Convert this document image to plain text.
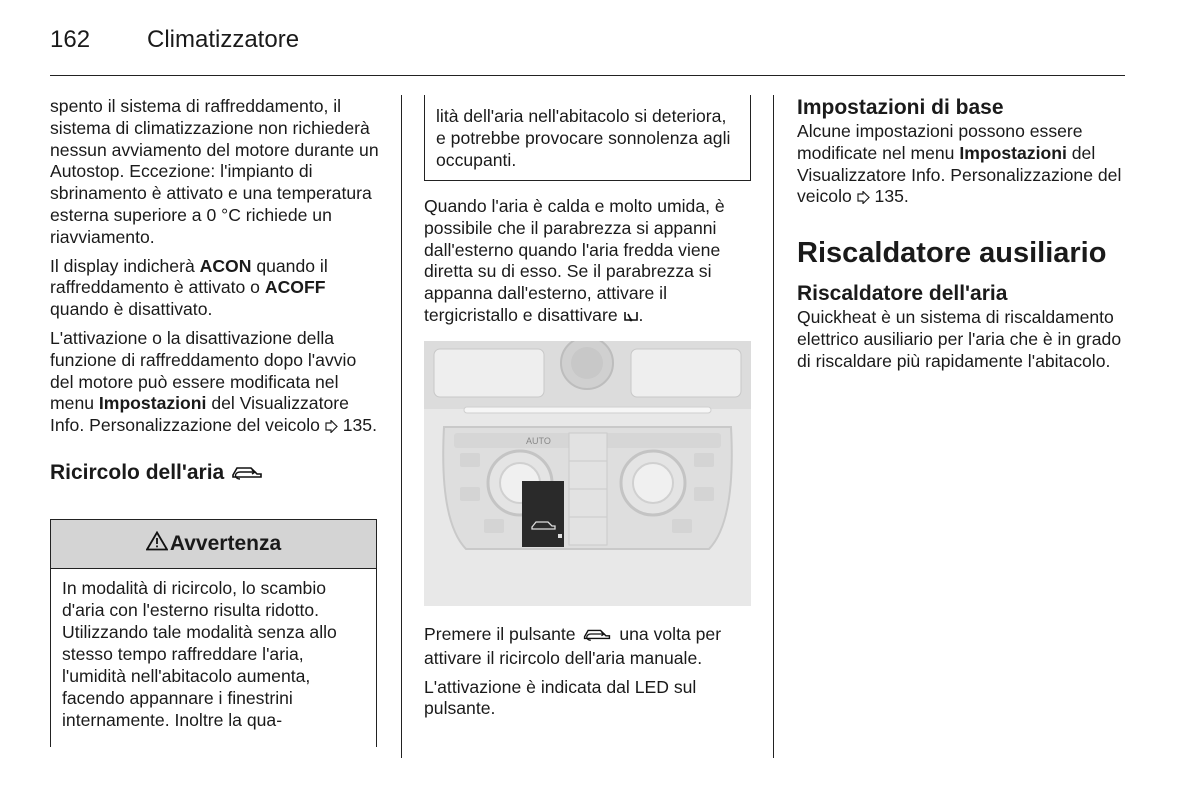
162 Climatizzatore

spento il sistema di raffreddamento, il sistema di climatizzazione non richiederà nessun avviamento del motore durante un Autostop. Eccezione: l'impianto di sbrinamento è attivato e una temperatura esterna superiore a 0 °C richiede un riavviamento.

Il display indicherà ACON quando il raffreddamento è attivato o ACOFF quando è disattivato.

L'attivazione o la disattivazione della funzione di raffreddamento dopo l'avvio del motore può essere modificata nel menu Impostazioni del Visualizzatore Info. Personalizzazione del veicolo  135.

Ricircolo dell'aria
Avvertenza
In modalità di ricircolo, lo scambio d'aria con l'esterno risulta ridotto. Utilizzando tale modalità senza allo stesso tempo raffreddare l'aria, l'umidità nell'abitacolo aumenta, facendo appannare i finestrini internamente. Inoltre la qua-
lità dell'aria nell'abitacolo si deteriora, e potrebbe provocare sonnolenza agli occupanti.

Quando l'aria è calda e molto umida, è possibile che il parabrezza si appanni dall'esterno quando l'aria fredda viene diretta su di esso. Se il parabrezza si appanna dall'esterno, attivare il tergicristallo e disattivare .

AUTO

Premere il pulsante  una volta per attivare il ricircolo dell'aria manuale.

L'attivazione è indicata dal LED sul pulsante.

Impostazioni di base

Alcune impostazioni possono essere modificate nel menu Impostazioni del Visualizzatore Info. Personalizzazione del veicolo  135.

Riscaldatore ausiliario
Riscaldatore dell'aria

Quickheat è un sistema di riscaldamento elettrico ausiliario per l'aria che è in grado di riscaldare più rapidamente l'abitacolo.
